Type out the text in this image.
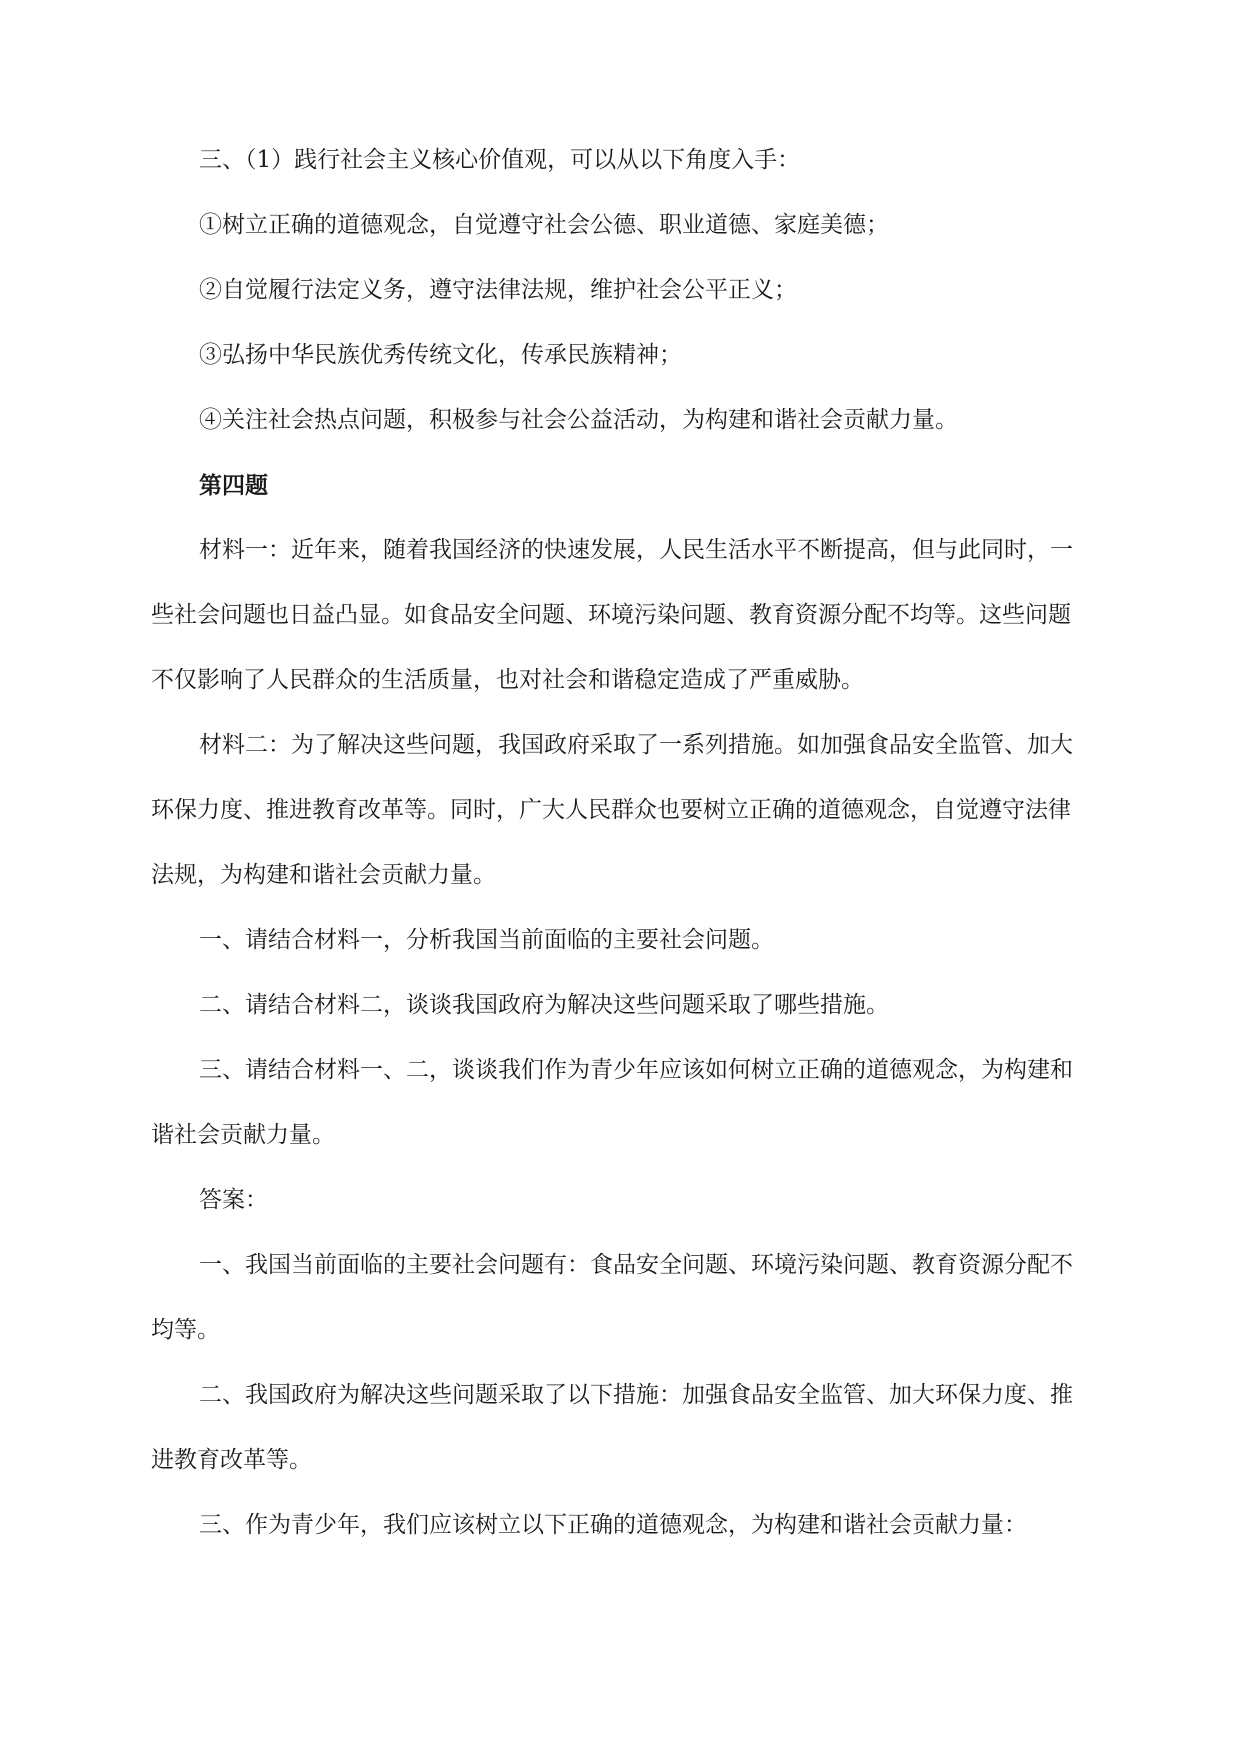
三、（1）践行社会主义核心价值观，可以从以下角度入手：

①树立正确的道德观念，自觉遵守社会公德、职业道德、家庭美德；

②自觉履行法定义务，遵守法律法规，维护社会公平正义；

③弘扬中华民族优秀传统文化，传承民族精神；

④关注社会热点问题，积极参与社会公益活动，为构建和谐社会贡献力量。

第四题

材料一：近年来，随着我国经济的快速发展，人民生活水平不断提高，但与此同时，一些社会问题也日益凸显。如食品安全问题、环境污染问题、教育资源分配不均等。这些问题不仅影响了人民群众的生活质量，也对社会和谐稳定造成了严重威胁。

材料二：为了解决这些问题，我国政府采取了一系列措施。如加强食品安全监管、加大环保力度、推进教育改革等。同时，广大人民群众也要树立正确的道德观念，自觉遵守法律法规，为构建和谐社会贡献力量。

一、请结合材料一，分析我国当前面临的主要社会问题。

二、请结合材料二，谈谈我国政府为解决这些问题采取了哪些措施。

三、请结合材料一、二，谈谈我们作为青少年应该如何树立正确的道德观念，为构建和谐社会贡献力量。

答案：

一、我国当前面临的主要社会问题有：食品安全问题、环境污染问题、教育资源分配不均等。

二、我国政府为解决这些问题采取了以下措施：加强食品安全监管、加大环保力度、推进教育改革等。

三、作为青少年，我们应该树立以下正确的道德观念，为构建和谐社会贡献力量：
